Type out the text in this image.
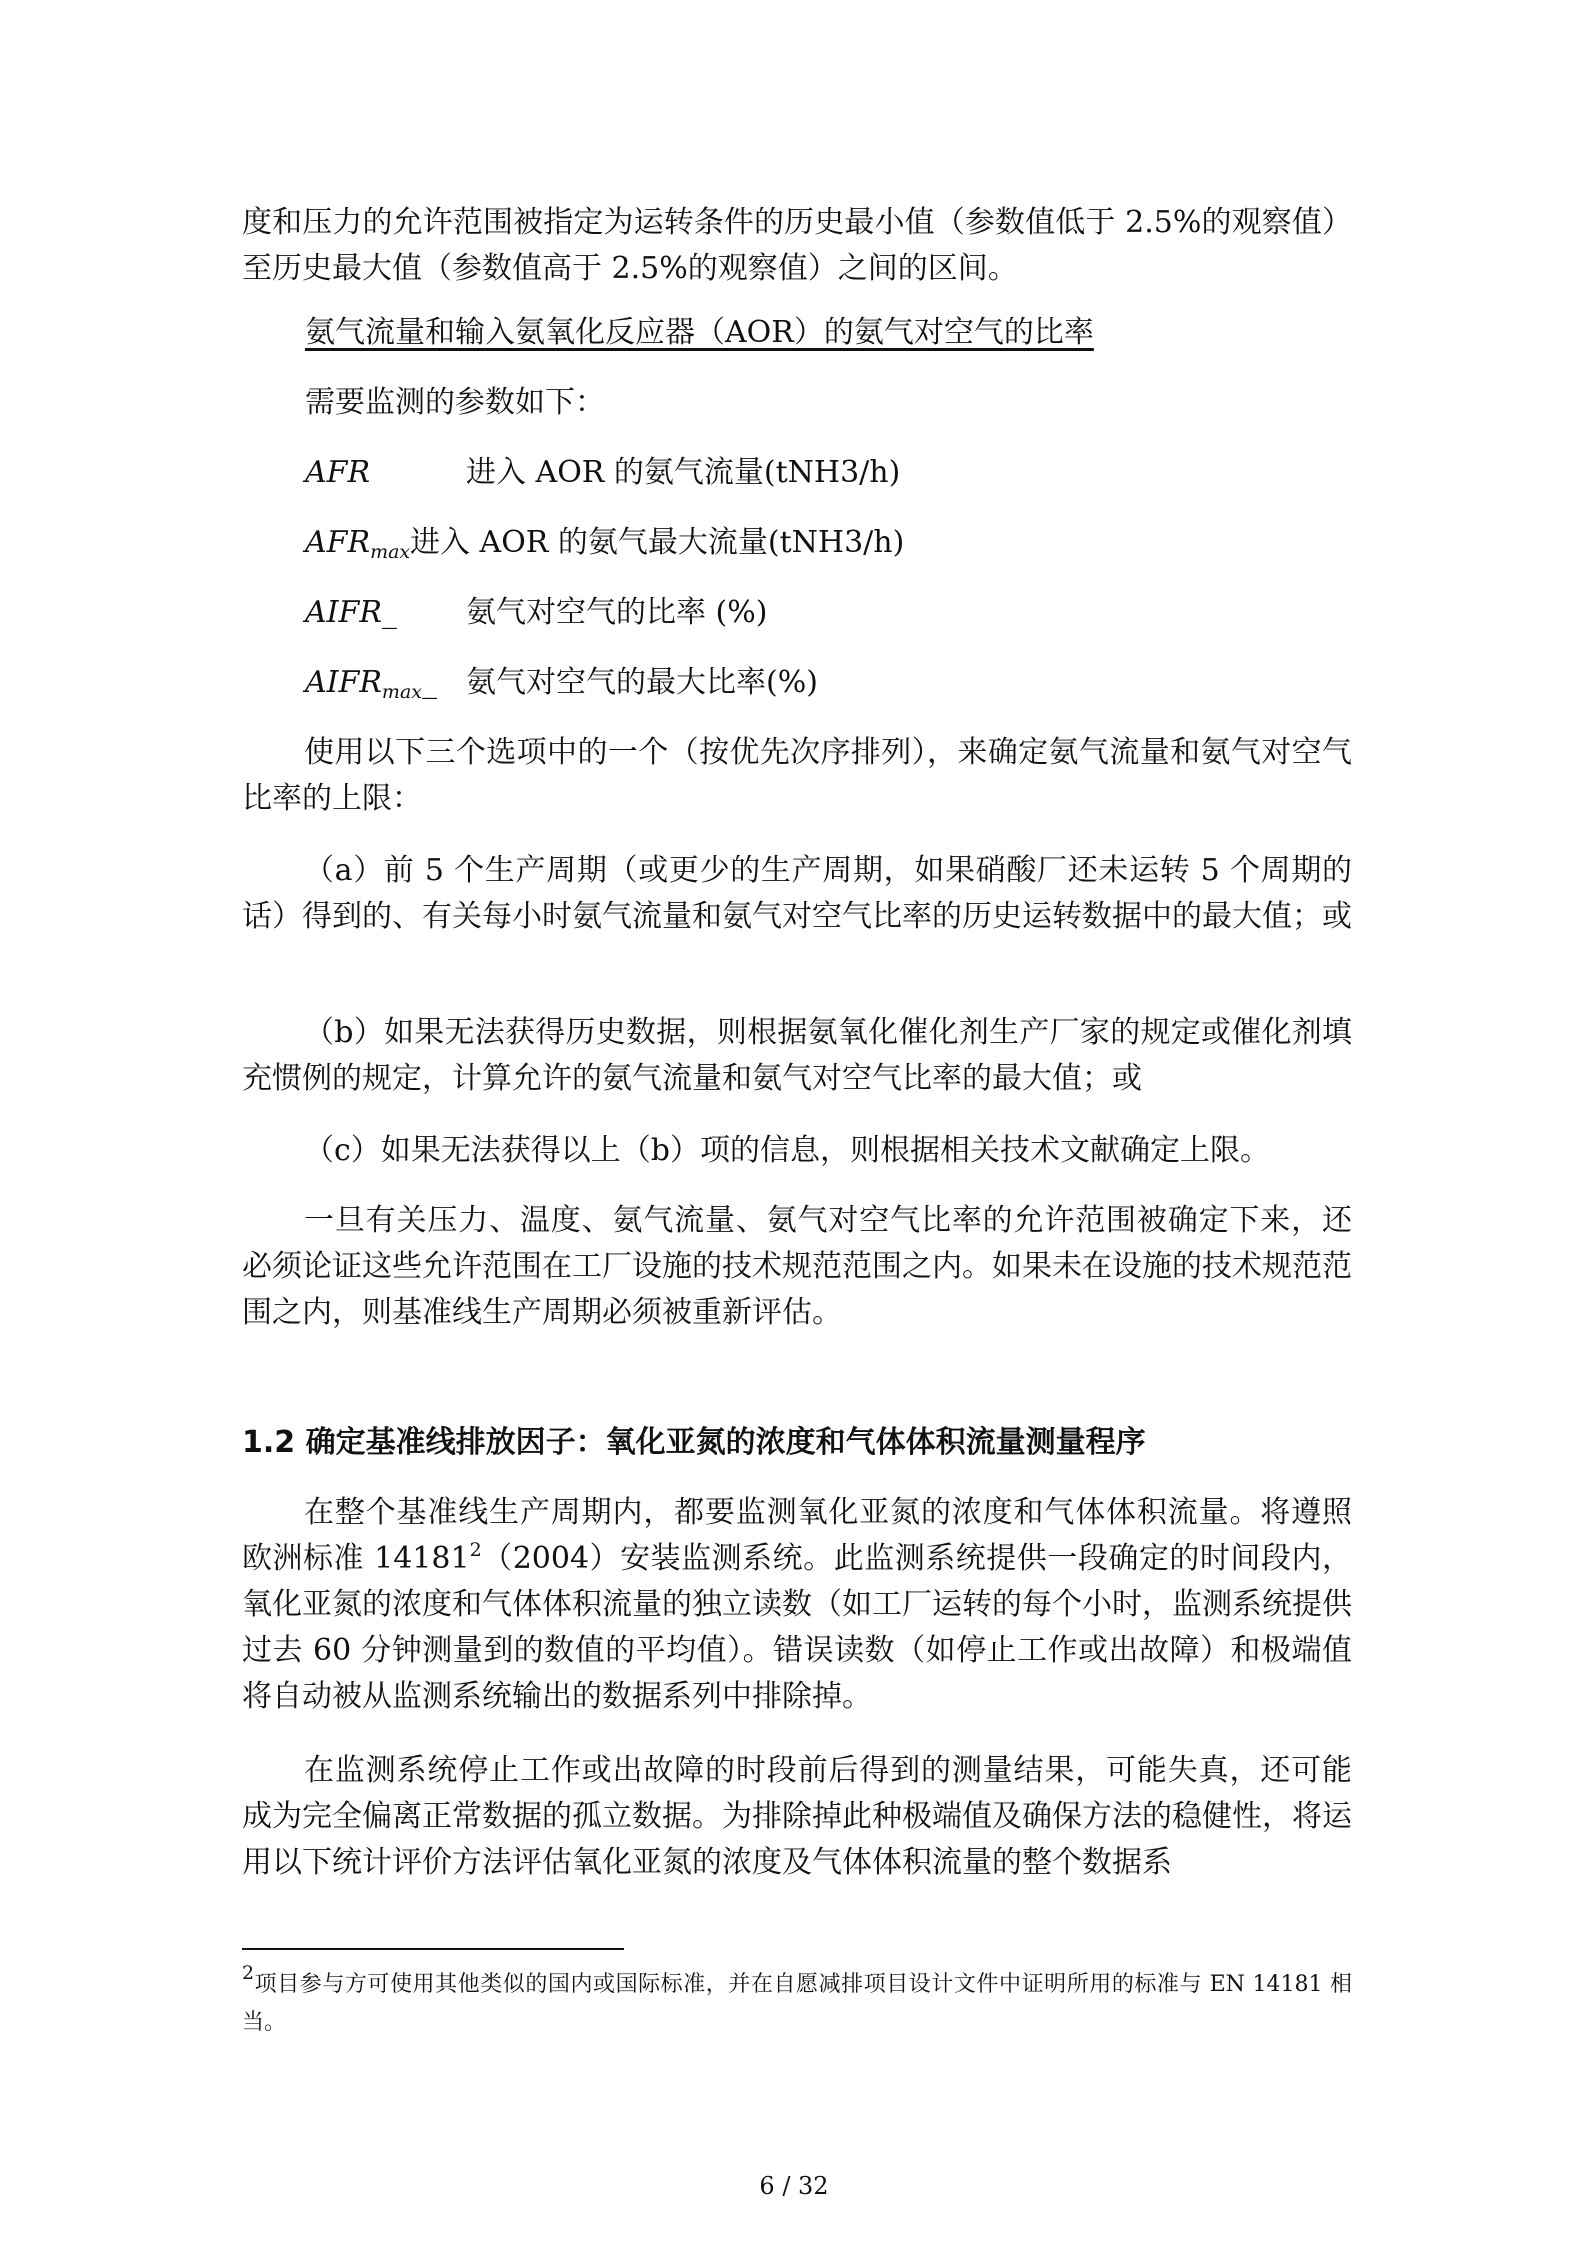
度和压力的允许范围被指定为运转条件的历史最小值（参数值低于 2.5%的观察值）至历史最大值（参数值高于 2.5%的观察值）之间的区间。

氨气流量和输入氨氧化反应器（AOR）的氨气对空气的比率

需要监测的参数如下：

AFR	进入 AOR 的氨气流量(tNH3/h)
$AFR_{max}$ 进入 AOR 的氨气最大流量(tNH3/h)
AIFR_ 氨气对空气的比率 (%)
$AIFR_{max}\_$ 氨气对空气的最大比率(%)

使用以下三个选项中的一个（按优先次序排列），来确定氨气流量和氨气对空气比率的上限：

（a）前 5 个生产周期（或更少的生产周期，如果硝酸厂还未运转 5 个周期的话）得到的、有关每小时氨气流量和氨气对空气比率的历史运转数据中的最大值；或

（b）如果无法获得历史数据，则根据氨氧化催化剂生产厂家的规定或催化剂填充惯例的规定，计算允许的氨气流量和氨气对空气比率的最大值；或

（c）如果无法获得以上（b）项的信息，则根据相关技术文献确定上限。

一旦有关压力、温度、氨气流量、氨气对空气比率的允许范围被确定下来，还必须论证这些允许范围在工厂设施的技术规范范围之内。如果未在设施的技术规范范围之内，则基准线生产周期必须被重新评估。

1.2 确定基准线排放因子：氧化亚氮的浓度和气体体积流量测量程序

在整个基准线生产周期内，都要监测氧化亚氮的浓度和气体体积流量。将遵照欧洲标准 14181$^2$（2004）安装监测系统。此监测系统提供一段确定的时间段内，氧化亚氮的浓度和气体体积流量的独立读数（如工厂运转的每个小时，监测系统提供过去 60 分钟测量到的数值的平均值）。错误读数（如停止工作或出故障）和极端值将自动被从监测系统输出的数据系列中排除掉。

在监测系统停止工作或出故障的时段前后得到的测量结果，可能失真，还可能成为完全偏离正常数据的孤立数据。为排除掉此种极端值及确保方法的稳健性，将运用以下统计评价方法评估氧化亚氮的浓度及气体体积流量的整个数据系

$^2$项目参与方可使用其他类似的国内或国际标准，并在自愿减排项目设计文件中证明所用的标准与 EN 14181 相当。
6 / 32
